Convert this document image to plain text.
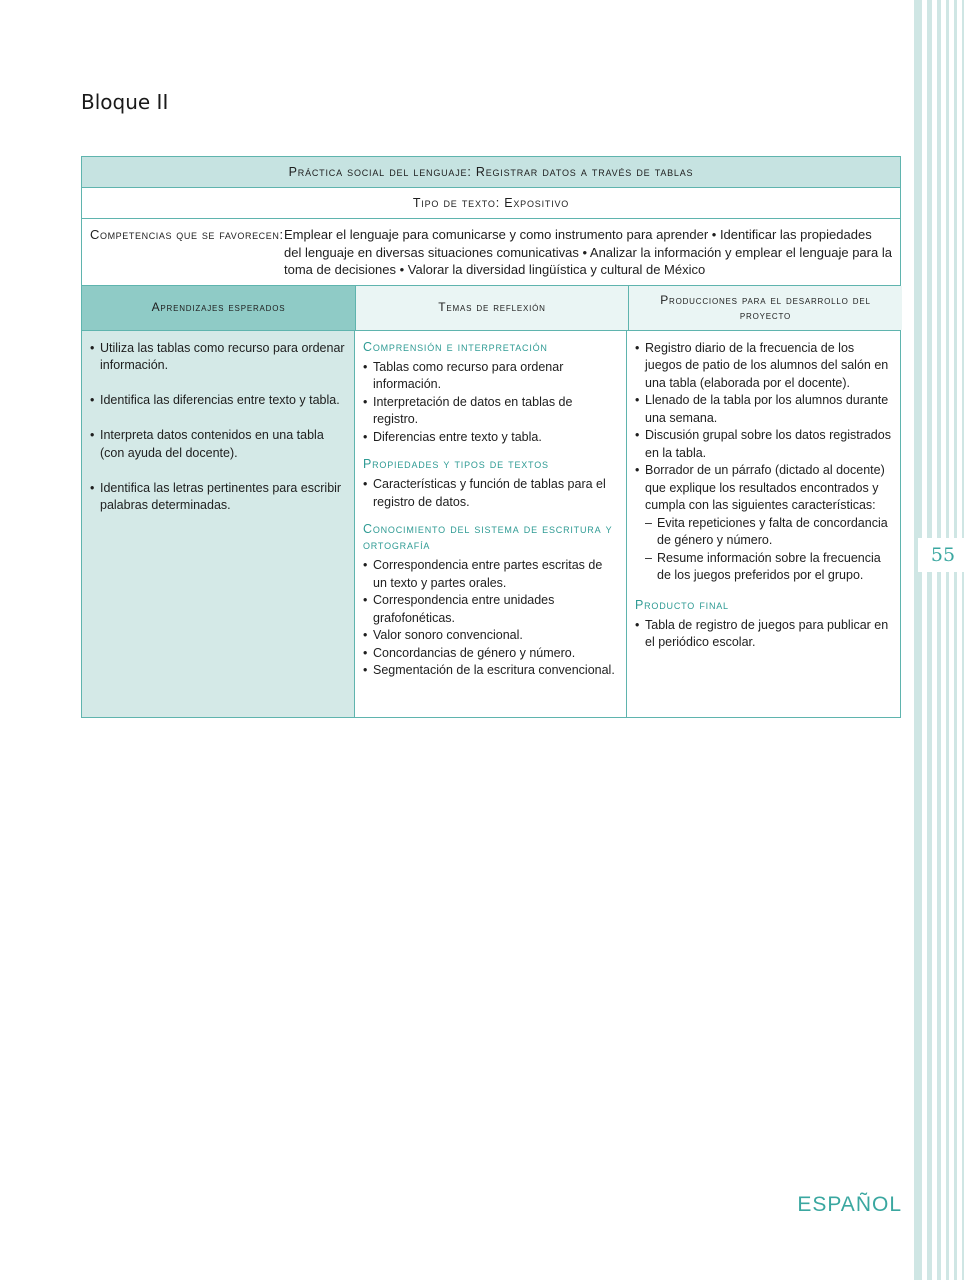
55
Bloque II
Práctica social del lenguaje: Registrar datos a través de tablas
Tipo de texto: Expositivo
Competencias que se favorecen: Emplear el lenguaje para comunicarse y como instrumento para aprender • Identificar las propiedades del lenguaje en diversas situaciones comunicativas • Analizar la información y emplear el lenguaje para la toma de decisiones • Valorar la diversidad lingüística y cultural de México
Aprendizajes esperados	Temas de reflexión
Producciones para el desarrollo del proyecto
• Utiliza las tablas como recurso para ordenar información.
• Identifica las diferencias entre texto y tabla.
• Interpreta datos contenidos en una tabla (con ayuda del docente).
• Identifica las letras pertinentes para escribir palabras determinadas.
Comprensión e interpretación
• Tablas como recurso para ordenar información.
• Interpretación de datos en tablas de registro.
• Diferencias entre texto y tabla.
Propiedades y tipos de textos
• Características y función de tablas para el registro de datos.
Conocimiento del sistema de escritura y ortografía
• Correspondencia entre partes escritas de un texto y partes orales.
• Correspondencia entre unidades grafofonéticas.
• Valor sonoro convencional.
• Concordancias de género y número.
• Segmentación de la escritura convencional.
• Registro diario de la frecuencia de los juegos de patio de los alumnos del salón en una tabla (elaborada por el docente).
• Llenado de la tabla por los alumnos durante una semana.
• Discusión grupal sobre los datos registrados en la tabla.
• Borrador de un párrafo (dictado al docente) que explique los resultados encontrados y cumpla con las siguientes características:
– Evita repeticiones y falta de concordancia de género y número.
– Resume información sobre la frecuencia de los juegos preferidos por el grupo.
Producto final
• Tabla de registro de juegos para publicar en el periódico escolar.
ESPAÑOL
